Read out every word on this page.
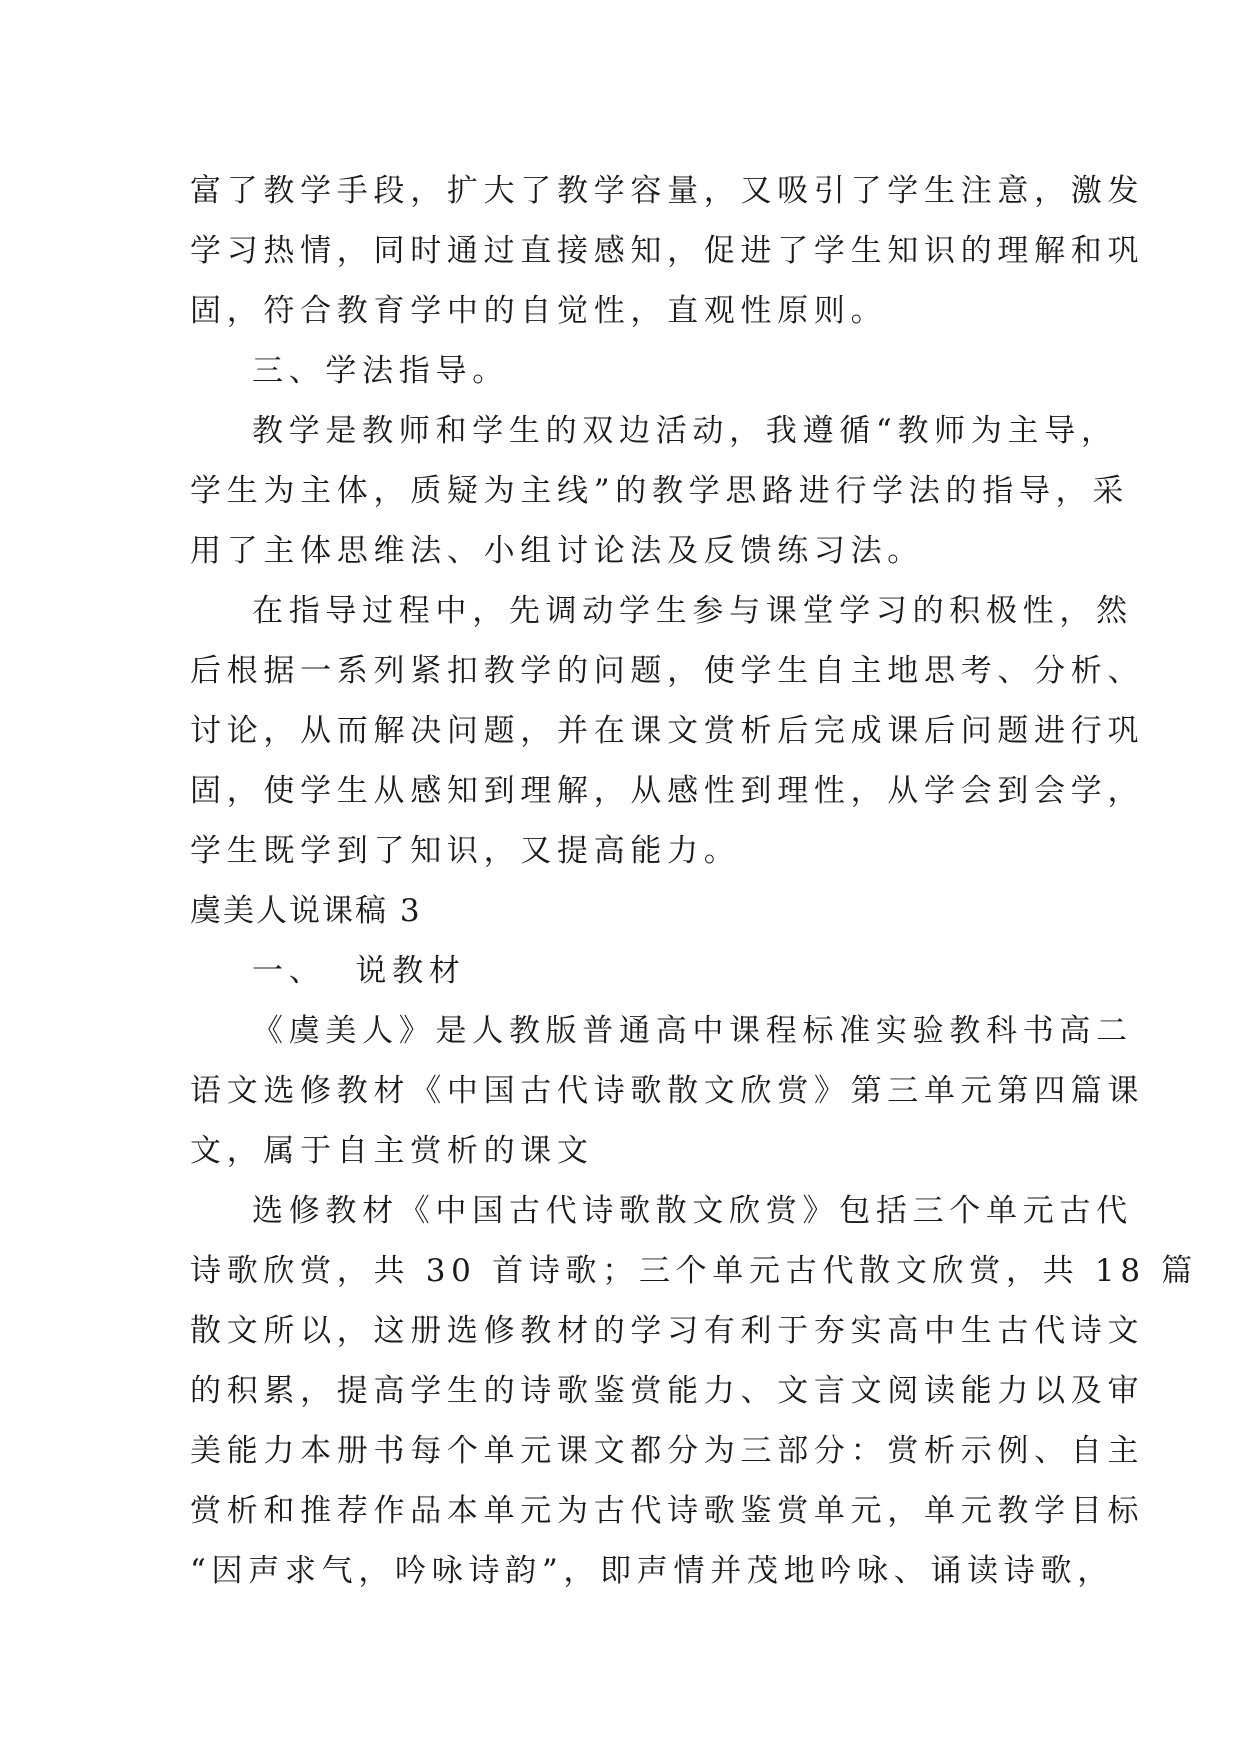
富了教学手段，扩大了教学容量，又吸引了学生注意，激发

学习热情，同时通过直接感知，促进了学生知识的理解和巩

固，符合教育学中的自觉性，直观性原则。

三、学法指导。

教学是教师和学生的双边活动，我遵循“教师为主导，

学生为主体，质疑为主线”的教学思路进行学法的指导，采

用了主体思维法、小组讨论法及反馈练习法。

在指导过程中，先调动学生参与课堂学习的积极性，然

后根据一系列紧扣教学的问题，使学生自主地思考、分析、

讨论，从而解决问题，并在课文赏析后完成课后问题进行巩

固，使学生从感知到理解，从感性到理性，从学会到会学，

学生既学到了知识，又提高能力。

虞美人说课稿 3

一、 说教材

《虞美人》是人教版普通高中课程标准实验教科书高二

语文选修教材《中国古代诗歌散文欣赏》第三单元第四篇课

文，属于自主赏析的课文

选修教材《中国古代诗歌散文欣赏》包括三个单元古代

诗歌欣赏，共 30 首诗歌；三个单元古代散文欣赏，共 18 篇

散文所以，这册选修教材的学习有利于夯实高中生古代诗文

的积累，提高学生的诗歌鉴赏能力、文言文阅读能力以及审

美能力本册书每个单元课文都分为三部分：赏析示例、自主

赏析和推荐作品本单元为古代诗歌鉴赏单元，单元教学目标

“因声求气，吟咏诗韵”，即声情并茂地吟咏、诵读诗歌，
